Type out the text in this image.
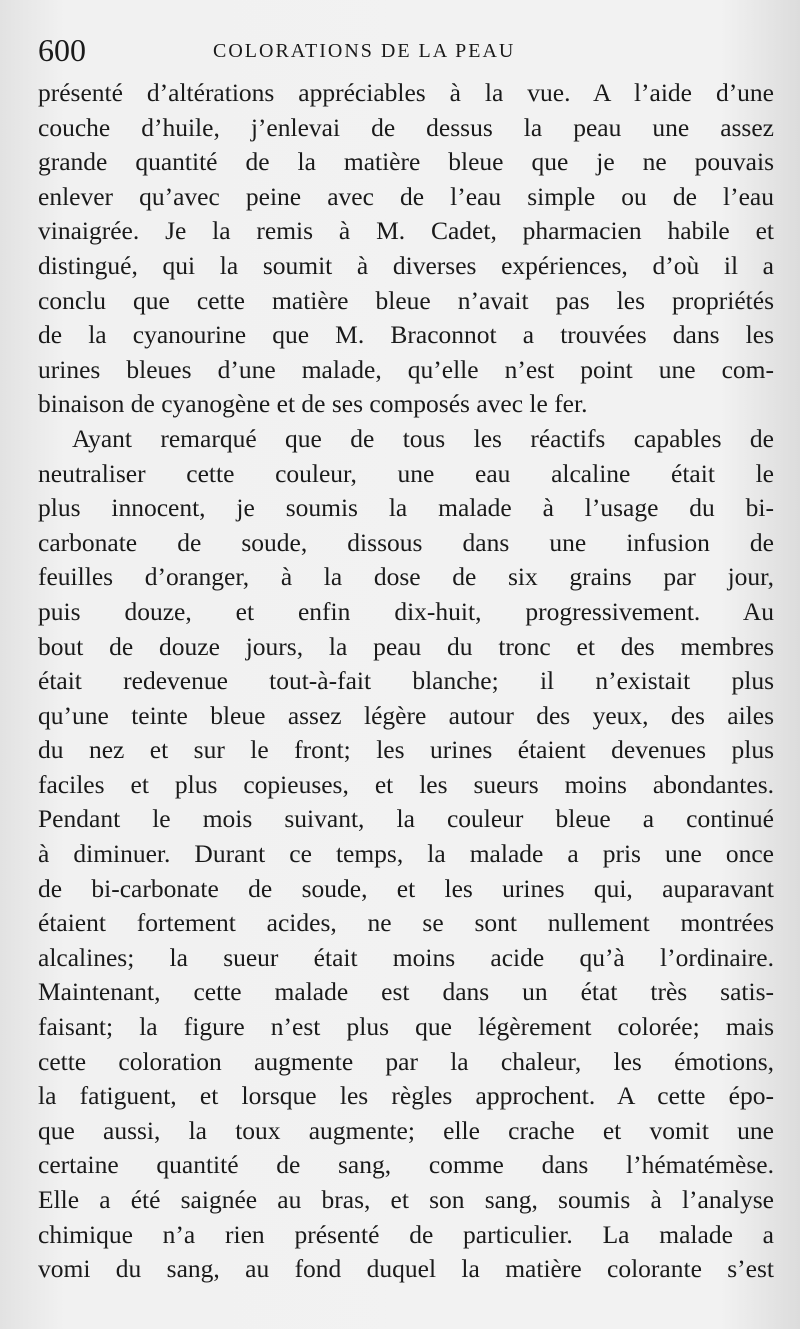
600	COLORATIONS DE LA PEAU
présenté d’altérations appréciables à la vue. A l’aide d’une
couche d’huile, j’enlevai de dessus la peau une assez
grande quantité de la matière bleue que je ne pouvais
enlever qu’avec peine avec de l’eau simple ou de l’eau
vinaigrée. Je la remis à M. Cadet, pharmacien habile et
distingué, qui la soumit à diverses expériences, d’où il a
conclu que cette matière bleue n’avait pas les propriétés
de la cyanourine que M. Braconnot a trouvées dans les
urines bleues d’une malade, qu’elle n’est point une com-
binaison de cyanogène et de ses composés avec le fer.
Ayant remarqué que de tous les réactifs capables de
neutraliser cette couleur, une eau alcaline était le
plus innocent, je soumis la malade à l’usage du bi-
carbonate de soude, dissous dans une infusion de
feuilles d’oranger, à la dose de six grains par jour,
puis douze, et enfin dix-huit, progressivement. Au
bout de douze jours, la peau du tronc et des membres
était redevenue tout-à-fait blanche; il n’existait plus
qu’une teinte bleue assez légère autour des yeux, des ailes
du nez et sur le front; les urines étaient devenues plus
faciles et plus copieuses, et les sueurs moins abondantes.
Pendant le mois suivant, la couleur bleue a continué
à diminuer. Durant ce temps, la malade a pris une once
de bi-carbonate de soude, et les urines qui, auparavant
étaient fortement acides, ne se sont nullement montrées
alcalines; la sueur était moins acide qu’à l’ordinaire.
Maintenant, cette malade est dans un état très satis-
faisant; la figure n’est plus que légèrement colorée; mais
cette coloration augmente par la chaleur, les émotions,
la fatiguent, et lorsque les règles approchent. A cette épo-
que aussi, la toux augmente; elle crache et vomit une
certaine quantité de sang, comme dans l’hématémèse.
Elle a été saignée au bras, et son sang, soumis à l’analyse
chimique n’a rien présenté de particulier. La malade a
vomi du sang, au fond duquel la matière colorante s’est
